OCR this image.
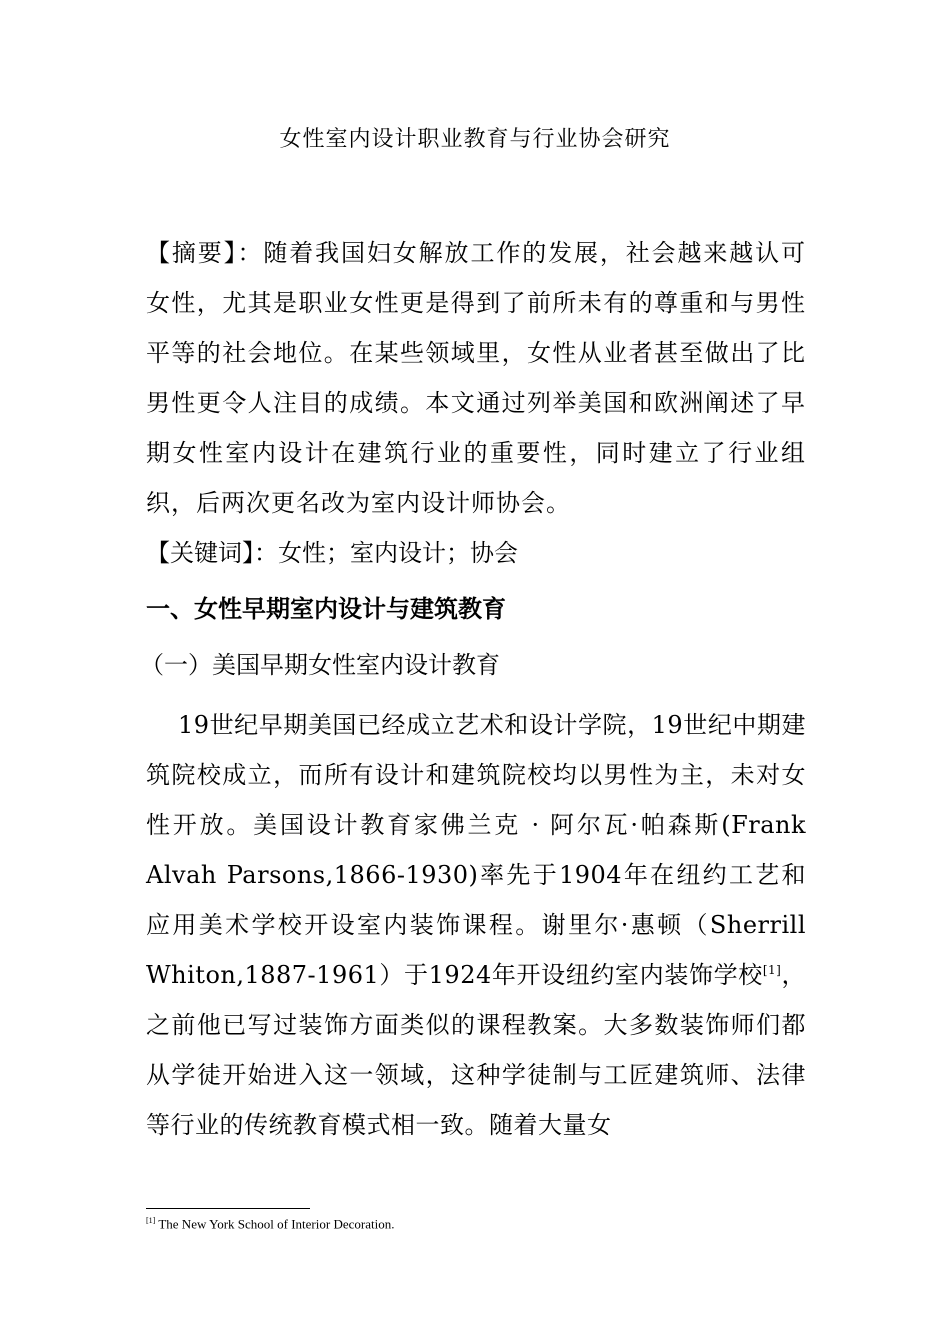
女性室内设计职业教育与行业协会研究

【摘要】：随着我国妇女解放工作的发展，社会越来越认可女性，尤其是职业女性更是得到了前所未有的尊重和与男性平等的社会地位。在某些领域里，女性从业者甚至做出了比男性更令人注目的成绩。本文通过列举美国和欧洲阐述了早期女性室内设计在建筑行业的重要性，同时建立了行业组织，后两次更名改为室内设计师协会。

【关键词】：女性；室内设计；协会

一、女性早期室内设计与建筑教育

（一）美国早期女性室内设计教育

19世纪早期美国已经成立艺术和设计学院，19世纪中期建筑院校成立，而所有设计和建筑院校均以男性为主，未对女性开放。美国设计教育家佛兰克 · 阿尔瓦·帕森斯(Frank Alvah Parsons,1866-1930)率先于1904年在纽约工艺和应用美术学校开设室内装饰课程。谢里尔·惠顿（Sherrill Whiton,1887-1961）于1924年开设纽约室内装饰学校[1]，之前他已写过装饰方面类似的课程教案。大多数装饰师们都从学徒开始进入这一领域，这种学徒制与工匠建筑师、法律等行业的传统教育模式相一致。随着大量女

[1] The New York School of Interior Decoration.
